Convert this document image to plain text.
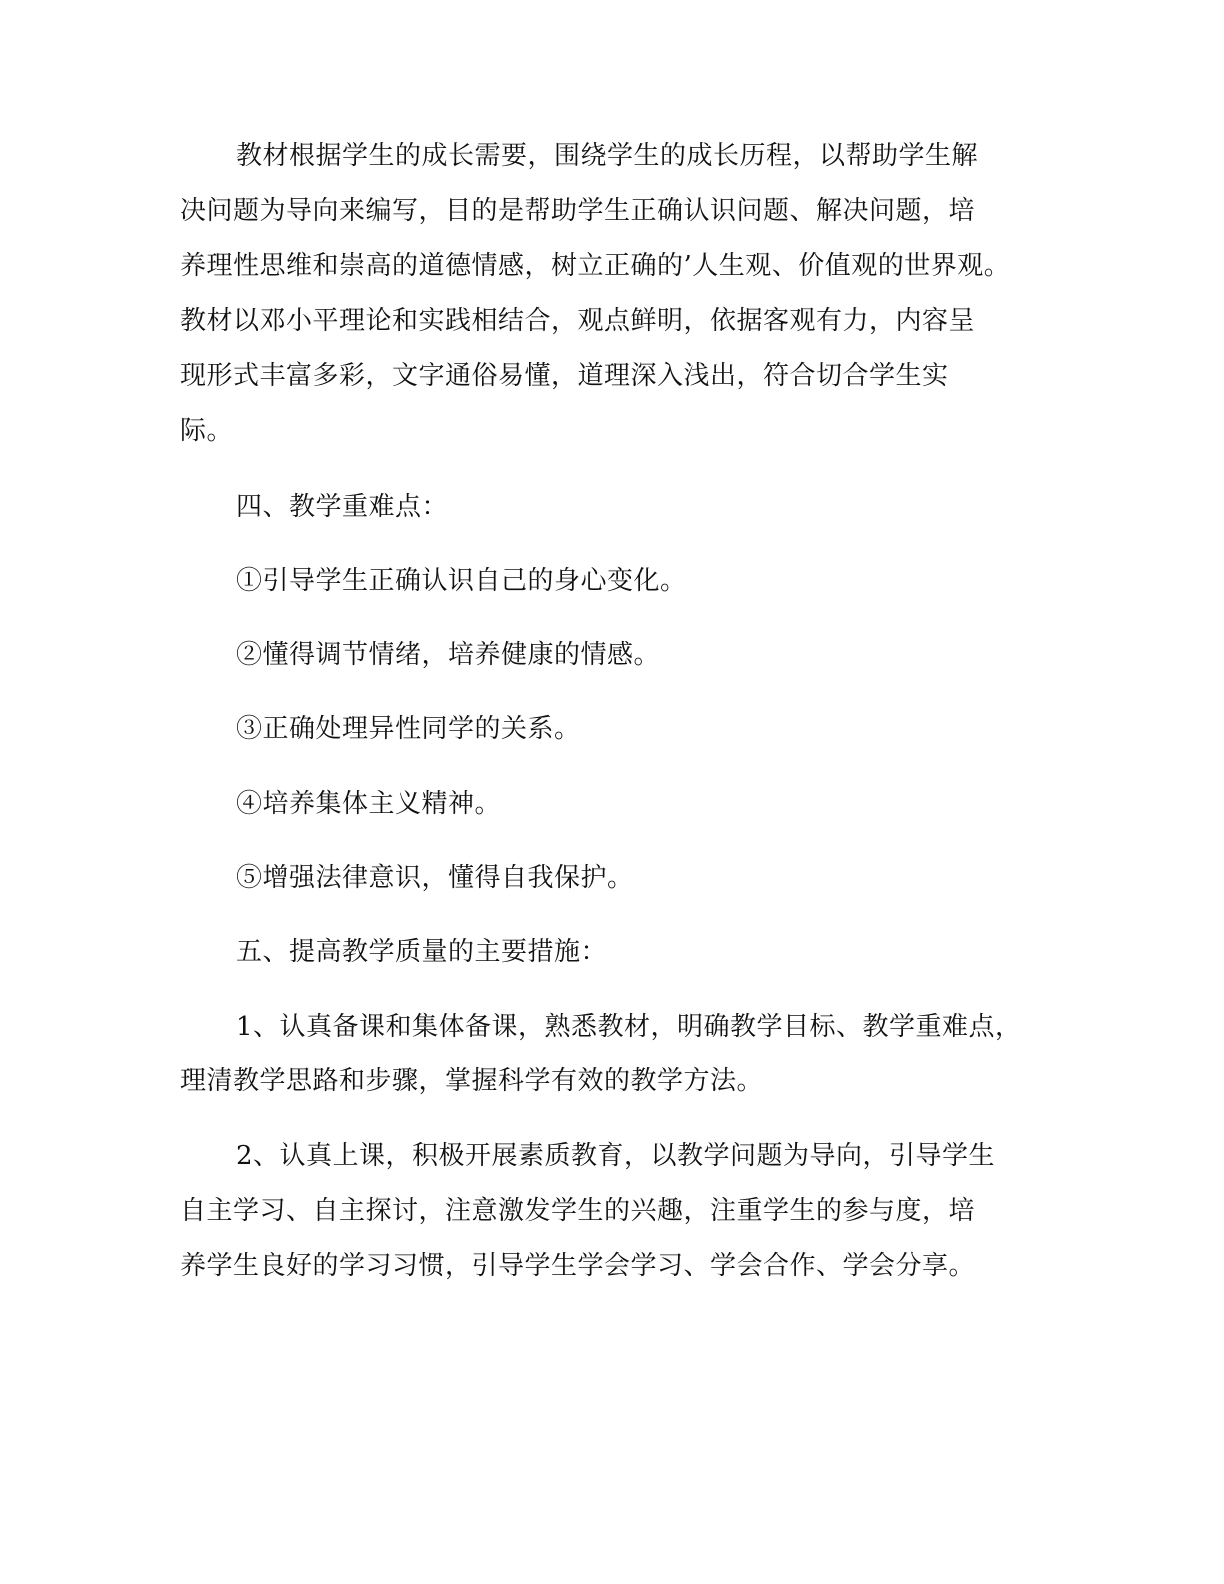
教材根据学生的成长需要，围绕学生的成长历程，以帮助学生解
决问题为导向来编写，目的是帮助学生正确认识问题、解决问题，培
养理性思维和崇高的道德情感，树立正确的’人生观、价值观的世界观。
教材以邓小平理论和实践相结合，观点鲜明，依据客观有力，内容呈
现形式丰富多彩，文字通俗易懂，道理深入浅出，符合切合学生实
际。
四、教学重难点：
①引导学生正确认识自己的身心变化。
②懂得调节情绪，培养健康的情感。
③正确处理异性同学的关系。
④培养集体主义精神。
⑤增强法律意识，懂得自我保护。
五、提高教学质量的主要措施：
1、认真备课和集体备课，熟悉教材，明确教学目标、教学重难点，
理清教学思路和步骤，掌握科学有效的教学方法。
2、认真上课，积极开展素质教育，以教学问题为导向，引导学生
自主学习、自主探讨，注意激发学生的兴趣，注重学生的参与度，培
养学生良好的学习习惯，引导学生学会学习、学会合作、学会分享。
